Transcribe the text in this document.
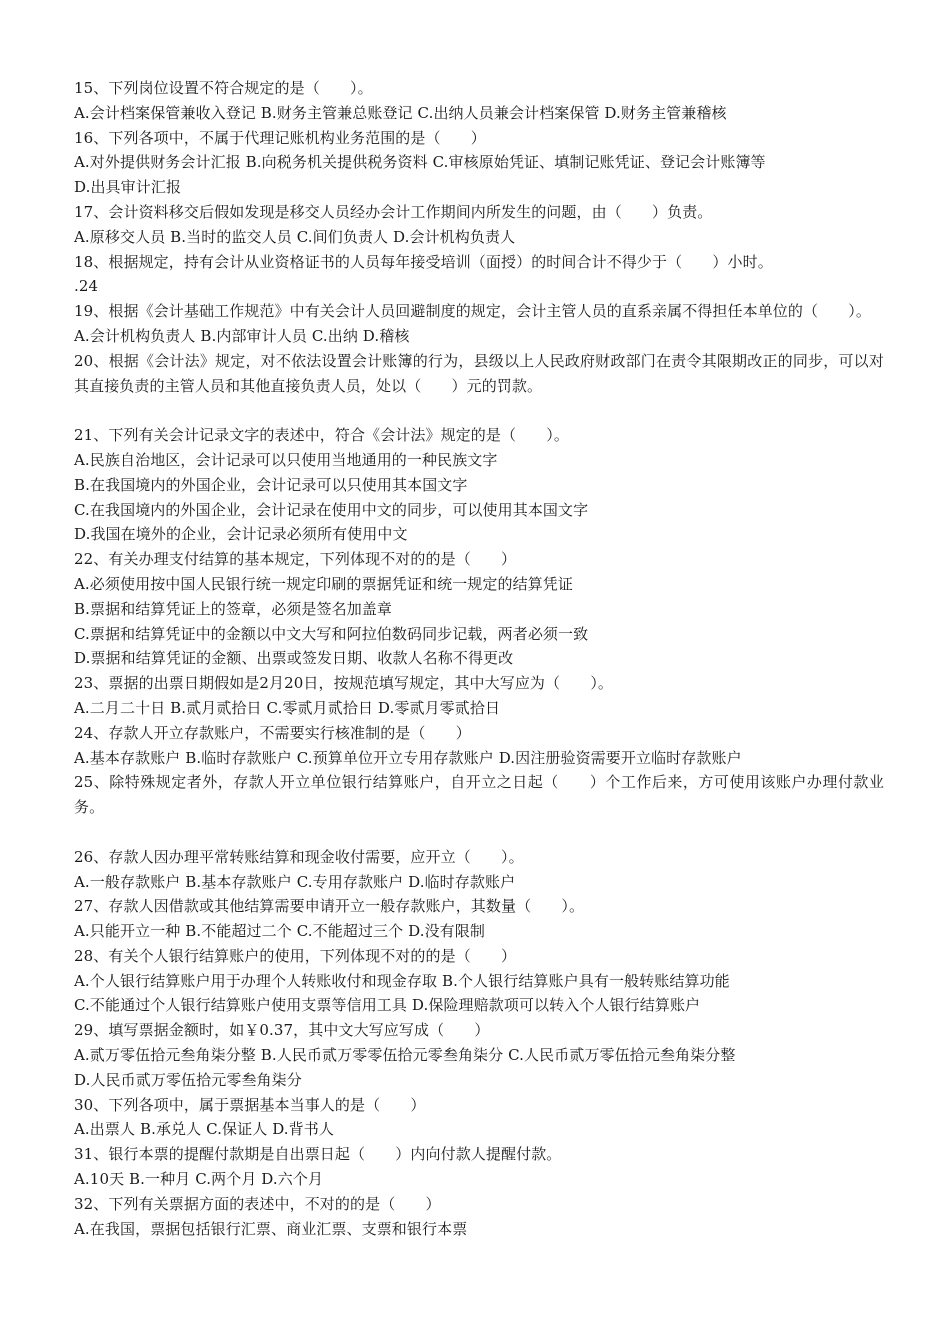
15、下列岗位设置不符合规定的是（　　）。
A.会计档案保管兼收入登记 B.财务主管兼总账登记 C.出纳人员兼会计档案保管 D.财务主管兼稽核
16、下列各项中，不属于代理记账机构业务范围的是（　　）
A.对外提供财务会计汇报 B.向税务机关提供税务资料 C.审核原始凭证、填制记账凭证、登记会计账簿等
D.出具审计汇报
17、会计资料移交后假如发现是移交人员经办会计工作期间内所发生的问题，由（　　）负责。
A.原移交人员 B.当时的监交人员 C.间们负责人 D.会计机构负责人
18、根据规定，持有会计从业资格证书的人员每年接受培训（面授）的时间合计不得少于（　　）小时。
.24
19、根据《会计基础工作规范》中有关会计人员回避制度的规定，会计主管人员的直系亲属不得担任本单位的（　　）。
A.会计机构负责人 B.内部审计人员 C.出纳 D.稽核
20、根据《会计法》规定，对不依法设置会计账簿的行为，县级以上人民政府财政部门在责令其限期改正的同步，可以对其直接负责的主管人员和其他直接负责人员，处以（　　）元的罚款。
21、下列有关会计记录文字的表述中，符合《会计法》规定的是（　　）。
A.民族自治地区，会计记录可以只使用当地通用的一种民族文字
B.在我国境内的外国企业，会计记录可以只使用其本国文字
C.在我国境内的外国企业，会计记录在使用中文的同步，可以使用其本国文字
D.我国在境外的企业，会计记录必须所有使用中文
22、有关办理支付结算的基本规定，下列体现不对的的是（　　）
A.必须使用按中国人民银行统一规定印刷的票据凭证和统一规定的结算凭证
B.票据和结算凭证上的签章，必须是签名加盖章
C.票据和结算凭证中的金额以中文大写和阿拉伯数码同步记载，两者必须一致
D.票据和结算凭证的金额、出票或签发日期、收款人名称不得更改
23、票据的出票日期假如是2月20日，按规范填写规定，其中大写应为（　　）。
A.二月二十日 B.贰月贰拾日 C.零贰月贰拾日 D.零贰月零贰拾日
24、存款人开立存款账户，不需要实行核准制的是（　　）
A.基本存款账户 B.临时存款账户 C.预算单位开立专用存款账户 D.因注册验资需要开立临时存款账户
25、除特殊规定者外，存款人开立单位银行结算账户，自开立之日起（　　）个工作后来，方可使用该账户办理付款业务。
26、存款人因办理平常转账结算和现金收付需要，应开立（　　）。
A.一般存款账户 B.基本存款账户 C.专用存款账户 D.临时存款账户
27、存款人因借款或其他结算需要申请开立一般存款账户，其数量（　　）。
A.只能开立一种 B.不能超过二个 C.不能超过三个 D.没有限制
28、有关个人银行结算账户的使用，下列体现不对的的是（　　）
A.个人银行结算账户用于办理个人转账收付和现金存取 B.个人银行结算账户具有一般转账结算功能
C.不能通过个人银行结算账户使用支票等信用工具 D.保险理赔款项可以转入个人银行结算账户
29、填写票据金额时，如￥0.37，其中文大写应写成（　　）
A.贰万零伍拾元叁角柒分整 B.人民币贰万零零伍拾元零叁角柒分 C.人民币贰万零伍拾元叁角柒分整
D.人民币贰万零伍拾元零叁角柒分
30、下列各项中，属于票据基本当事人的是（　　）
A.出票人 B.承兑人 C.保证人 D.背书人
31、银行本票的提醒付款期是自出票日起（　　）内向付款人提醒付款。
A.10天 B.一种月 C.两个月 D.六个月
32、下列有关票据方面的表述中，不对的的是（　　）
A.在我国，票据包括银行汇票、商业汇票、支票和银行本票
